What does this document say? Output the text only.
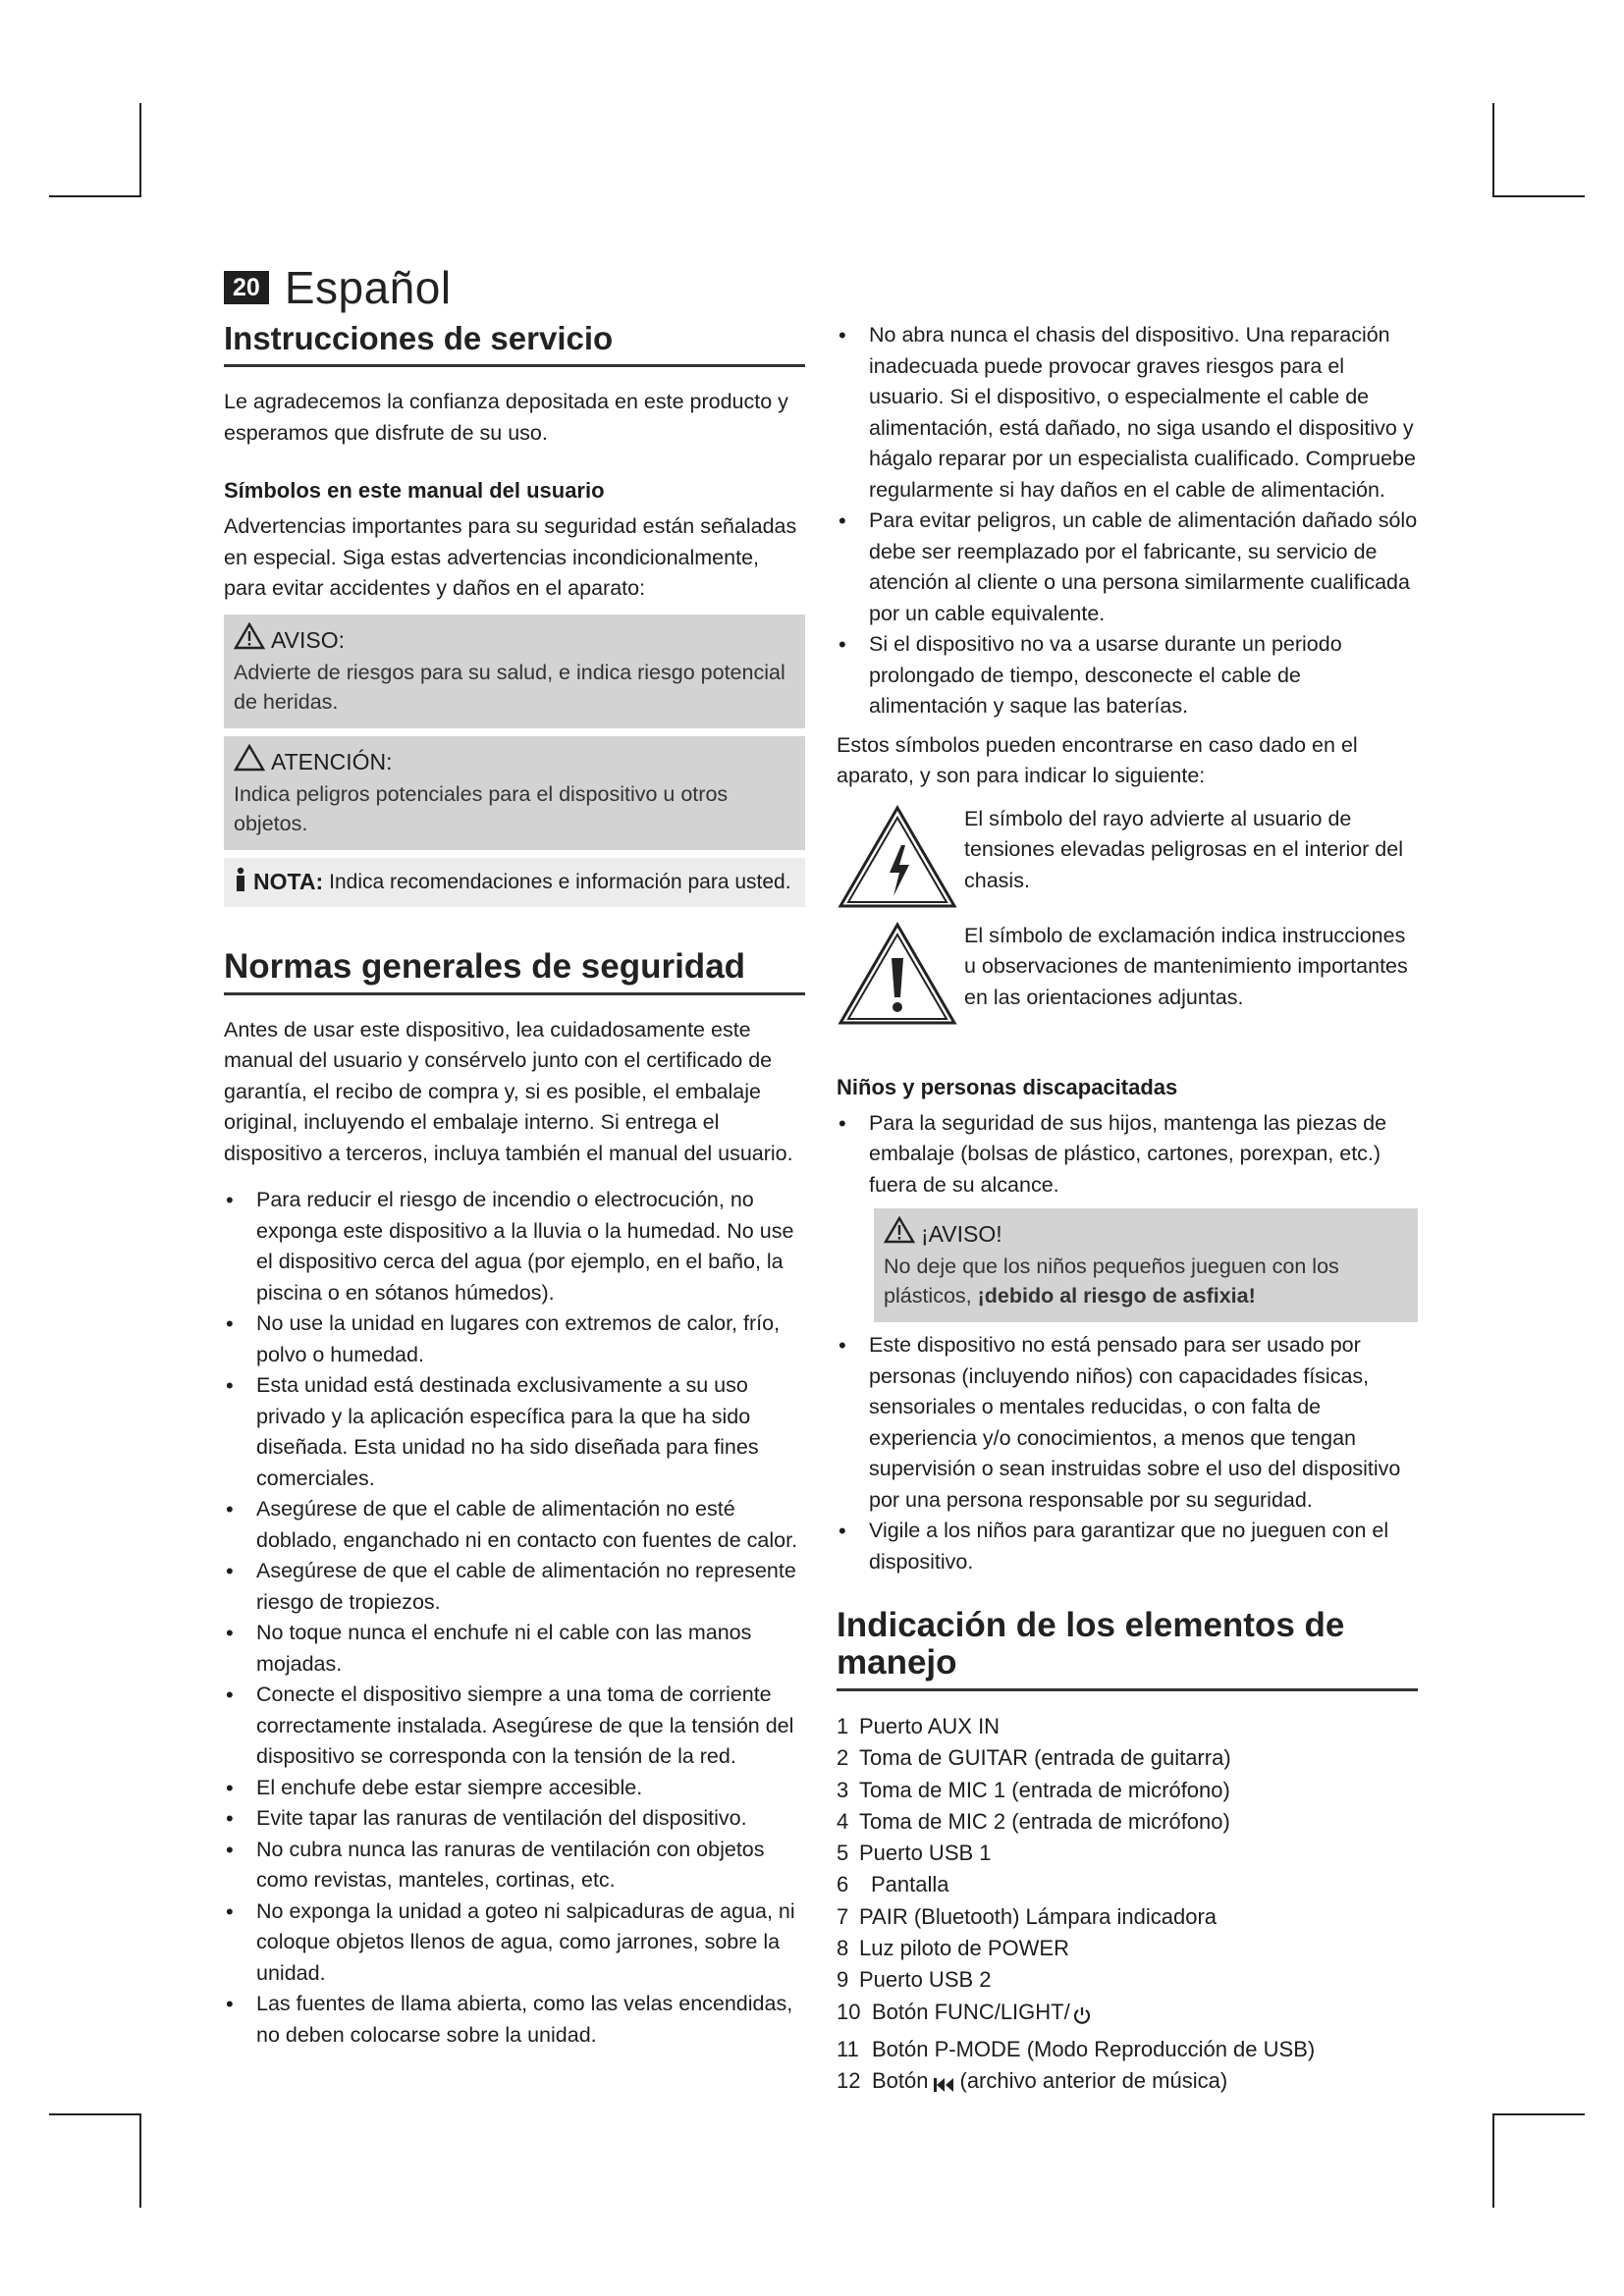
20 Español
Instrucciones de servicio

Le agradecemos la confianza depositada en este producto y esperamos que disfrute de su uso.

Símbolos en este manual del usuario

Advertencias importantes para su seguridad están señaladas en especial. Siga estas advertencias incondicionalmente, para evitar accidentes y daños en el aparato:

AVISO:
Advierte de riesgos para su salud, e indica riesgo potencial de heridas.
ATENCIÓN:
Indica peligros potenciales para el dispositivo u otros objetos.
NOTA: Indica recomendaciones e información para usted.
Normas generales de seguridad

Antes de usar este dispositivo, lea cuidadosamente este manual del usuario y consérvelo junto con el certificado de garantía, el recibo de compra y, si es posible, el embalaje original, incluyendo el embalaje interno. Si entrega el dispositivo a terceros, incluya también el manual del usuario.

• Para reducir el riesgo de incendio o electrocución, no exponga este dispositivo a la lluvia o la humedad. No use el dispositivo cerca del agua (por ejemplo, en el baño, la piscina o en sótanos húmedos).
• No use la unidad en lugares con extremos de calor, frío, polvo o humedad.
• Esta unidad está destinada exclusivamente a su uso privado y la aplicación específica para la que ha sido diseñada. Esta unidad no ha sido diseñada para fines comerciales.
• Asegúrese de que el cable de alimentación no esté doblado, enganchado ni en contacto con fuentes de calor.
• Asegúrese de que el cable de alimentación no represente riesgo de tropiezos.
• No toque nunca el enchufe ni el cable con las manos mojadas.
• Conecte el dispositivo siempre a una toma de corriente correctamente instalada. Asegúrese de que la tensión del dispositivo se corresponda con la tensión de la red.
• El enchufe debe estar siempre accesible.
• Evite tapar las ranuras de ventilación del dispositivo.
• No cubra nunca las ranuras de ventilación con objetos como revistas, manteles, cortinas, etc.
• No exponga la unidad a goteo ni salpicaduras de agua, ni coloque objetos llenos de agua, como jarrones, sobre la unidad.
• Las fuentes de llama abierta, como las velas encendidas, no deben colocarse sobre la unidad.
• No abra nunca el chasis del dispositivo. Una reparación inadecuada puede provocar graves riesgos para el usuario. Si el dispositivo, o especialmente el cable de alimentación, está dañado, no siga usando el dispositivo y hágalo reparar por un especialista cualificado. Compruebe regularmente si hay daños en el cable de alimentación.
• Para evitar peligros, un cable de alimentación dañado sólo debe ser reemplazado por el fabricante, su servicio de atención al cliente o una persona similarmente cualificada por un cable equivalente.
• Si el dispositivo no va a usarse durante un periodo prolongado de tiempo, desconecte el cable de alimentación y saque las baterías.

Estos símbolos pueden encontrarse en caso dado en el aparato, y son para indicar lo siguiente:

El símbolo del rayo advierte al usuario de tensiones elevadas peligrosas en el interior del chasis.
El símbolo de exclamación indica instrucciones u observaciones de mantenimiento importantes en las orientaciones adjuntas.
Niños y personas discapacitadas
• Para la seguridad de sus hijos, mantenga las piezas de embalaje (bolsas de plástico, cartones, porexpan, etc.) fuera de su alcance.
¡AVISO!
No deje que los niños pequeños jueguen con los plásticos, ¡debido al riesgo de asfixia!
• Este dispositivo no está pensado para ser usado por personas (incluyendo niños) con capacidades físicas, sensoriales o mentales reducidas, o con falta de experiencia y/o conocimientos, a menos que tengan supervisión o sean instruidas sobre el uso del dispositivo por una persona responsable por su seguridad.
• Vigile a los niños para garantizar que no jueguen con el dispositivo.
Indicación de los elementos de manejo
1 Puerto AUX IN
2 Toma de GUITAR (entrada de guitarra)
3 Toma de MIC 1 (entrada de micrófono)
4 Toma de MIC 2 (entrada de micrófono)
5 Puerto USB 1
6	Pantalla
7 PAIR (Bluetooth) Lámpara indicadora
8 Luz piloto de POWER
9 Puerto USB 2
10 Botón FUNC/LIGHT/
11 Botón P-MODE (Modo Reproducción de USB)
12 Botón (archivo anterior de música)
